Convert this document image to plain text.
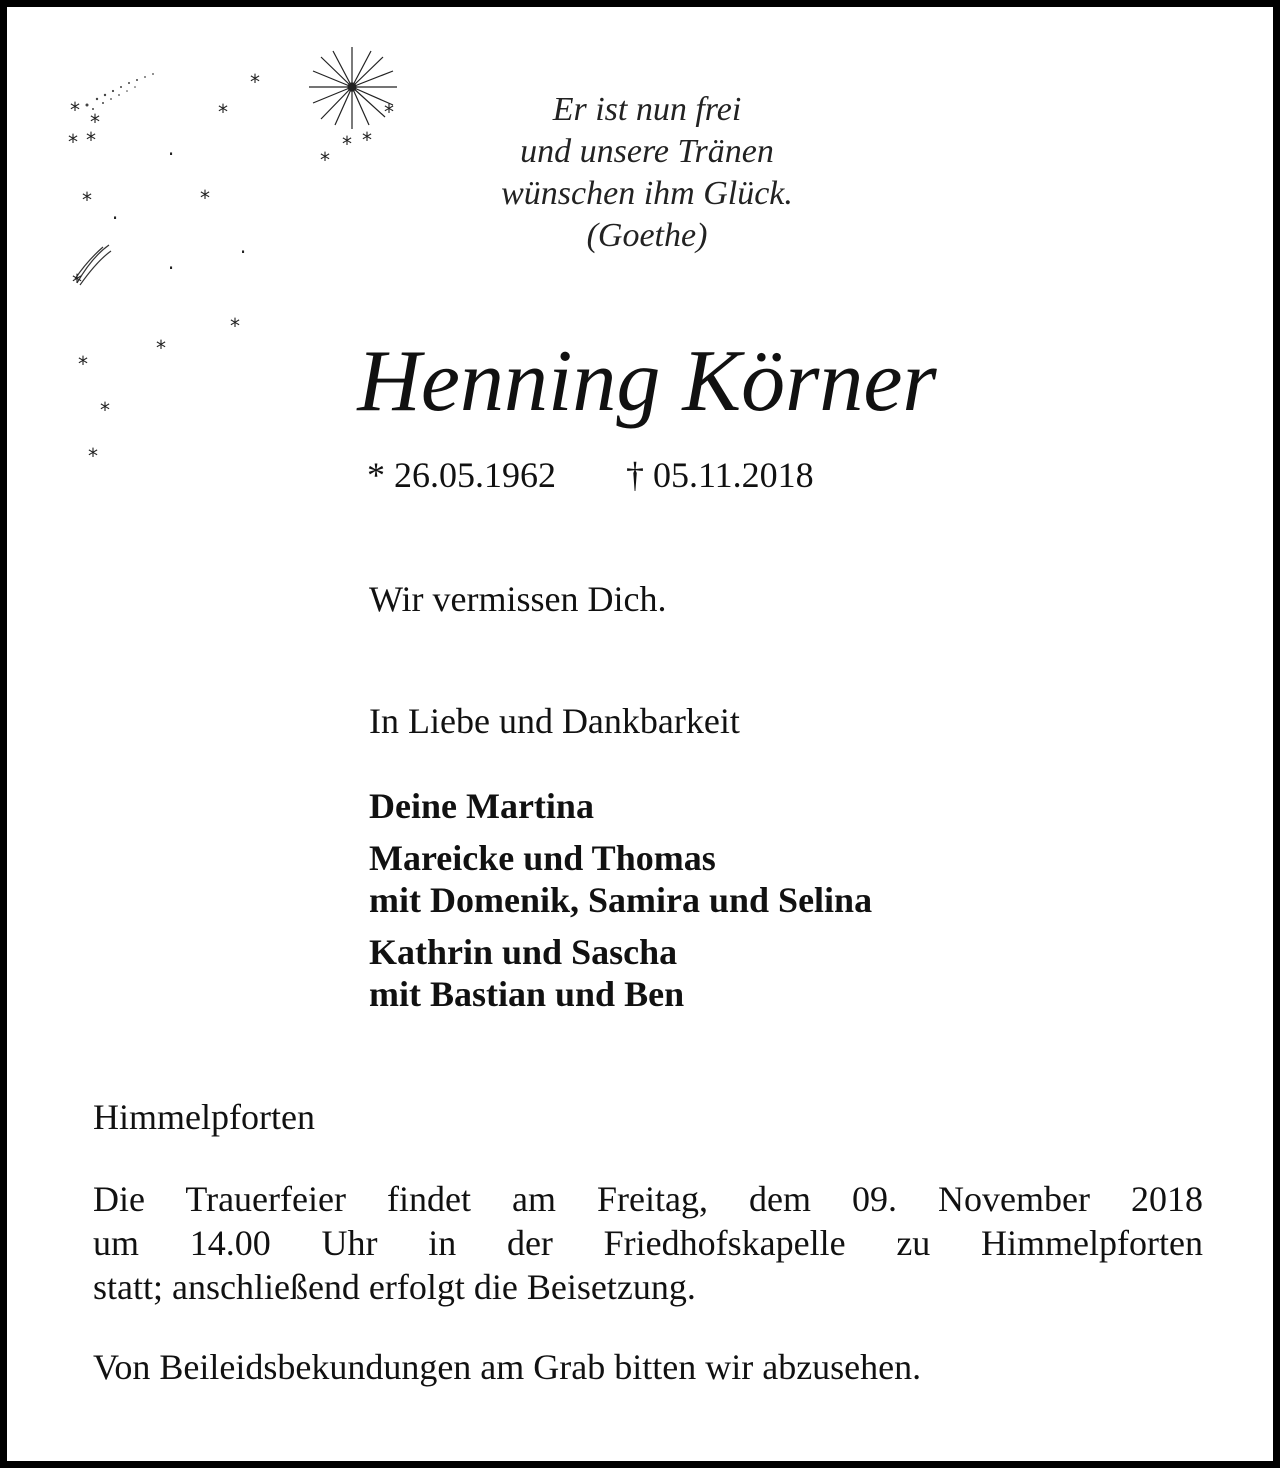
* *
* *
*
*
·
*	*
·
·
·
*
*
*
*
*
*
*
* *
*	Er ist nun frei
und unsere Tränen
wünschen ihm Glück.
(Goethe)
Henning Körner
* 26.05.1962 † 05.11.2018
Wir vermissen Dich.
In Liebe und Dankbarkeit
Deine Martina
Mareicke und Thomas
mit Domenik, Samira und Selina
Kathrin und Sascha
mit Bastian und Ben
Himmelpforten
Die Trauerfeier findet am Freitag, dem 09. November 2018
um 14.00 Uhr in der Friedhofskapelle zu Himmelpforten
statt; anschließend erfolgt die Beisetzung.
Von Beileidsbekundungen am Grab bitten wir abzusehen.
